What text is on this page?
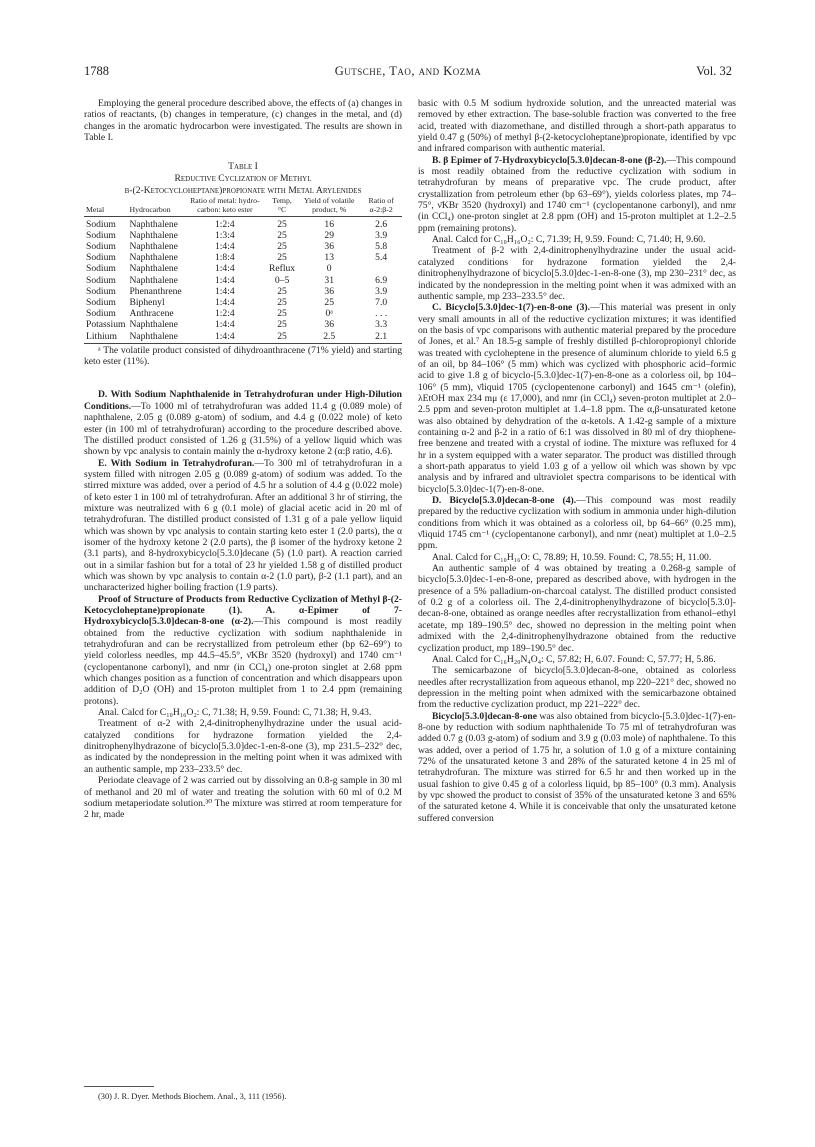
1788	Gutsche, Tao, and Kozma	Vol. 32

Employing the general procedure described above, the effects of (a) changes in ratios of reactants, (b) changes in temperature, (c) changes in the metal, and (d) changes in the aromatic hydrocarbon were investigated. The results are shown in Table I.

Table I

Reductive Cyclization of Methyl

β-(2-Ketocycloheptane)propionate with Metal Arylenides

Metal	Hydrocarbon	Ratio of metal: hydro- carbon: keto ester	Temp, °C	Yield of volatile product, %	Ratio of α-2:β-2
Sodium	Naphthalene	1:2:4	25	16	2.6
Sodium	Naphthalene	1:3:4	25	29	3.9
Sodium	Naphthalene	1:4:4	25	36	5.8
Sodium	Naphthalene	1:8:4	25	13	5.4
Sodium	Naphthalene	1:4:4	Reflux	0	
Sodium	Naphthalene	1:4:4	0–5	31	6.9
Sodium	Phenanthrene	1:4:4	25	36	3.9
Sodium	Biphenyl	1:4:4	25	25	7.0
Sodium	Anthracene	1:2:4	25	0ᵃ	. . .
Potassium	Naphthalene	1:4:4	25	36	3.3
Lithium	Naphthalene	1:4:4	25	2.5	2.1

ᵃ The volatile product consisted of dihydroanthracene (71% yield) and starting keto ester (11%).

D. With Sodium Naphthalenide in Tetrahydrofuran under High-Dilution Conditions.—To 1000 ml of tetrahydrofuran was added 11.4 g (0.089 mole) of naphthalene, 2.05 g (0.089 g-atom) of sodium, and 4.4 g (0.022 mole) of keto ester (in 100 ml of tetrahydrofuran) according to the procedure described above. The distilled product consisted of 1.26 g (31.5%) of a yellow liquid which was shown by vpc analysis to contain mainly the α-hydroxy ketone 2 (α:β ratio, 4.6).

E. With Sodium in Tetrahydrofuran.—To 300 ml of tetrahydrofuran in a system filled with nitrogen 2.05 g (0.089 g-atom) of sodium was added. To the stirred mixture was added, over a period of 4.5 hr a solution of 4.4 g (0.022 mole) of keto ester 1 in 100 ml of tetrahydrofuran. After an additional 3 hr of stirring, the mixture was neutralized with 6 g (0.1 mole) of glacial acetic acid in 20 ml of tetrahydrofuran. The distilled product consisted of 1.31 g of a pale yellow liquid which was shown by vpc analysis to contain starting keto ester 1 (2.0 parts), the α isomer of the hydroxy ketone 2 (2.0 parts), the β isomer of the hydroxy ketone 2 (3.1 parts), and 8-hydroxybicyclo[5.3.0]decane (5) (1.0 part). A reaction carried out in a similar fashion but for a total of 23 hr yielded 1.58 g of distilled product which was shown by vpc analysis to contain α-2 (1.0 part), β-2 (1.1 part), and an uncharacterized higher boiling fraction (1.9 parts).

Proof of Structure of Products from Reductive Cyclization of Methyl β-(2-Ketocycloheptane)propionate (1). A. α-Epimer of 7-Hydroxybicyclo[5.3.0]decan-8-one (α-2).—This compound is most readily obtained from the reductive cyclization with sodium naphthalenide in tetrahydrofuran and can be recrystallized from petroleum ether (bp 62–69°) to yield colorless needles, mp 44.5–45.5°, ν̄KBr 3520 (hydroxyl) and 1740 cm⁻¹ (cyclopentanone carbonyl), and nmr (in CCl₄) one-proton singlet at 2.68 ppm which changes position as a function of concentration and which disappears upon addition of D₂O (OH) and 15-proton multiplet from 1 to 2.4 ppm (remaining protons).

Anal. Calcd for C₁₀H₁₆O₂: C, 71.38; H, 9.59. Found: C, 71.38; H, 9.43.

Treatment of α-2 with 2,4-dinitrophenylhydrazine under the usual acid-catalyzed conditions for hydrazone formation yielded the 2,4-dinitrophenylhydrazone of bicyclo[5.3.0]dec-1-en-8-one (3), mp 231.5–232° dec, as indicated by the nondepression in the melting point when it was admixed with an authentic sample, mp 233–233.5° dec.

Periodate cleavage of 2 was carried out by dissolving an 0.8-g sample in 30 ml of methanol and 20 ml of water and treating the solution with 60 ml of 0.2 M sodium metaperiodate solution.³⁰ The mixture was stirred at room temperature for 2 hr, made

basic with 0.5 M sodium hydroxide solution, and the unreacted material was removed by ether extraction. The base-soluble fraction was converted to the free acid, treated with diazomethane, and distilled through a short-path apparatus to yield 0.47 g (50%) of methyl β-(2-ketocycloheptane)propionate, identified by vpc and infrared comparison with authentic material.

B. β Epimer of 7-Hydroxybicyclo[5.3.0]decan-8-one (β-2).—This compound is most readily obtained from the reductive cyclization with sodium in tetrahydrofuran by means of preparative vpc. The crude product, after crystallization from petroleum ether (bp 63–69°), yields colorless plates, mp 74–75°, ν̄KBr 3520 (hydroxyl) and 1740 cm⁻¹ (cyclopentanone carbonyl), and nmr (in CCl₄) one-proton singlet at 2.8 ppm (OH) and 15-proton multiplet at 1.2–2.5 ppm (remaining protons).

Anal. Calcd for C₁₀H₁₆O₂: C, 71.39; H, 9.59. Found: C, 71.40; H, 9.60.

Treatment of β-2 with 2,4-dinitrophenylhydrazine under the usual acid-catalyzed conditions for hydrazone formation yielded the 2,4-dinitrophenylhydrazone of bicyclo[5.3.0]dec-1-en-8-one (3), mp 230–231° dec, as indicated by the nondepression in the melting point when it was admixed with an authentic sample, mp 233–233.5° dec.

C. Bicyclo[5.3.0]dec-1(7)-en-8-one (3).—This material was present in only very small amounts in all of the reductive cyclization mixtures; it was identified on the basis of vpc comparisons with authentic material prepared by the procedure of Jones, et al.⁷ An 18.5-g sample of freshly distilled β-chloropropionyl chloride was treated with cycloheptene in the presence of aluminum chloride to yield 6.5 g of an oil, bp 84–106° (5 mm) which was cyclized with phosphoric acid–formic acid to give 1.8 g of bicyclo-[5.3.0]dec-1(7)-en-8-one as a colorless oil, bp 104–106° (5 mm), ν̄liquid 1705 (cyclopentenone carbonyl) and 1645 cm⁻¹ (olefin), λEtOH max 234 mμ (ε 17,000), and nmr (in CCl₄) seven-proton multiplet at 2.0–2.5 ppm and seven-proton multiplet at 1.4–1.8 ppm. The α,β-unsaturated ketone was also obtained by dehydration of the α-ketols. A 1.42-g sample of a mixture containing α-2 and β-2 in a ratio of 6:1 was dissolved in 80 ml of dry thiophene-free benzene and treated with a crystal of iodine. The mixture was refluxed for 4 hr in a system equipped with a water separator. The product was distilled through a short-path apparatus to yield 1.03 g of a yellow oil which was shown by vpc analysis and by infrared and ultraviolet spectra comparisons to be identical with bicyclo[5.3.0]dec-1(7)-en-8-one.

D. Bicyclo[5.3.0]decan-8-one (4).—This compound was most readily prepared by the reductive cyclization with sodium in ammonia under high-dilution conditions from which it was obtained as a colorless oil, bp 64–66° (0.25 mm), ν̄liquid 1745 cm⁻¹ (cyclopentanone carbonyl), and nmr (neat) multiplet at 1.0–2.5 ppm.

Anal. Calcd for C₁₀H₁₆O: C, 78.89; H, 10.59. Found: C, 78.55; H, 11.00.

An authentic sample of 4 was obtained by treating a 0.268-g sample of bicyclo[5.3.0]dec-1-en-8-one, prepared as described above, with hydrogen in the presence of a 5% palladium-on-charcoal catalyst. The distilled product consisted of 0.2 g of a colorless oil. The 2,4-dinitrophenylhydrazone of bicyclo[5.3.0]-decan-8-one, obtained as orange needles after recrystallization from ethanol–ethyl acetate, mp 189–190.5° dec, showed no depression in the melting point when admixed with the 2,4-dinitrophenylhydrazone obtained from the reductive cyclization product, mp 189–190.5° dec.

Anal. Calcd for C₁₆H₂₀N₄O₄: C, 57.82; H, 6.07. Found: C, 57.77; H, 5.86.

The semicarbazone of bicyclo[5.3.0]decan-8-one, obtained as colorless needles after recrystallization from aqueous ethanol, mp 220–221° dec, showed no depression in the melting point when admixed with the semicarbazone obtained from the reductive cyclization product, mp 221–222° dec.

Bicyclo[5.3.0]decan-8-one was also obtained from bicyclo-[5.3.0]dec-1(7)-en-8-one by reduction with sodium naphthalenide To 75 ml of tetrahydrofuran was added 0.7 g (0.03 g-atom) of sodium and 3.9 g (0.03 mole) of naphthalene. To this was added, over a period of 1.75 hr, a solution of 1.0 g of a mixture containing 72% of the unsaturated ketone 3 and 28% of the saturated ketone 4 in 25 ml of tetrahydrofuran. The mixture was stirred for 6.5 hr and then worked up in the usual fashion to give 0.45 g of a colorless liquid, bp 85–100° (0.3 mm). Analysis by vpc showed the product to consist of 35% of the unsaturated ketone 3 and 65% of the saturated ketone 4. While it is conceivable that only the unsaturated ketone suffered conversion

(30) J. R. Dyer. Methods Biochem. Anal., 3, 111 (1956).
